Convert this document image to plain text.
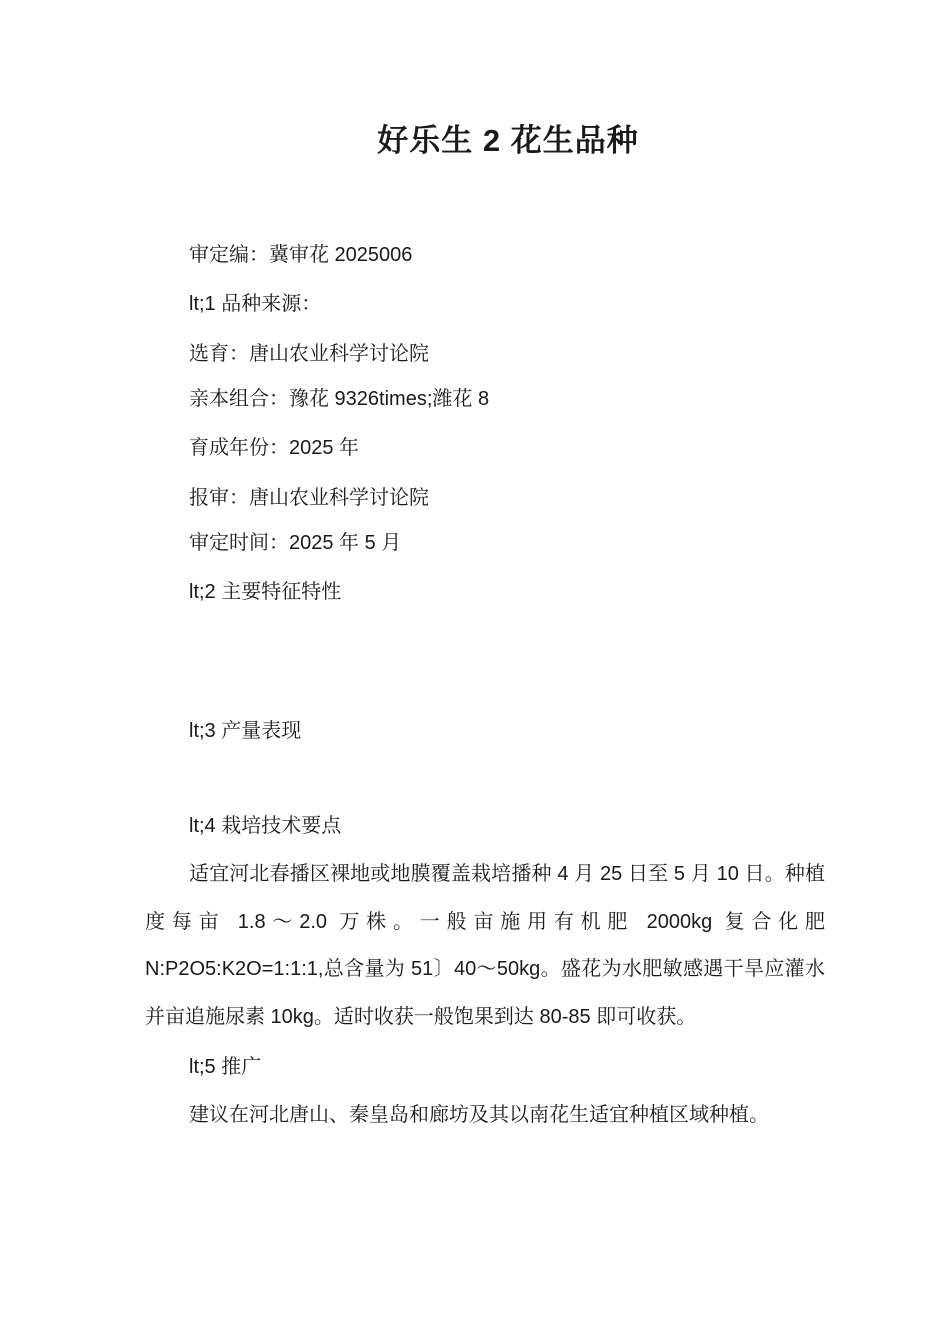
好乐生 2 花生品种
审定编：冀审花 2025006
lt;1 品种来源：
选育：唐山农业科学讨论院
亲本组合：豫花 9326times;潍花 8
育成年份：2025 年
报审：唐山农业科学讨论院
审定时间：2025 年 5 月
lt;2 主要特征特性
lt;3 产量表现
lt;4 栽培技术要点
适宜河北春播区裸地或地膜覆盖栽培播种 4 月 25 日至 5 月 10 日。种植度每亩 1.8～2.0 万株。一般亩施用有机肥 2000kg 复合化肥 N:P2O5:K2O=1:1:1,总含量为 51〕40～50kg。盛花为水肥敏感遇干旱应灌水并亩追施尿素 10kg。适时收获一般饱果到达 80-85 即可收获。
lt;5 推广
建议在河北唐山、秦皇岛和廊坊及其以南花生适宜种植区域种植。
